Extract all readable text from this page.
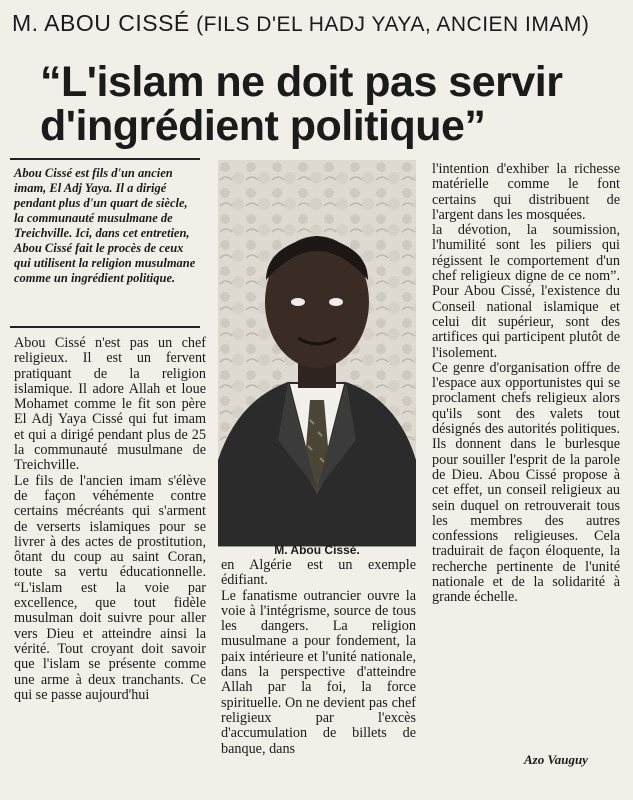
M. ABOU CISSÉ (FILS D'EL HADJ YAYA, ANCIEN IMAM)
“L'islam ne doit pas servir
d'ingrédient politique”
Abou Cissé est fils d'un ancien imam, El Adj Yaya. Il a dirigé pendant plus d'un quart de siècle, la communauté musulmane de Treichville. Ici, dans cet entretien, Abou Cissé fait le procès de ceux qui utilisent la religion musulmane comme un ingrédient politique.

Abou Cissé n'est pas un chef religieux. Il est un fervent pratiquant de la religion islamique. Il adore Allah et loue Mohamet comme le fit son père El Adj Yaya Cissé qui fut imam et qui a dirigé pendant plus de 25 la communauté musulmane de Treichville.

Le fils de l'ancien imam s'élève de façon véhémente contre certains mécréants qui s'arment de verserts islamiques pour se livrer à des actes de prostitution, ôtant du coup au saint Coran, toute sa vertu éducationnelle. “L'islam est la voie par excellence, que tout fidèle musulman doit suivre pour aller vers Dieu et atteindre ainsi la vérité. Tout croyant doit savoir que l'islam se présente comme une arme à deux tranchants. Ce qui se passe aujourd'hui

M. Abou Cissé.

en Algérie est un exemple édifiant.

Le fanatisme outrancier ouvre la voie à l'intégrisme, source de tous les dangers. La religion musulmane a pour fondement, la paix intérieure et l'unité nationale, dans la perspective d'atteindre Allah par la foi, la force spirituelle. On ne devient pas chef religieux par l'excès d'accumulation de billets de banque, dans

l'intention d'exhiber la richesse matérielle comme le font certains qui distribuent de l'argent dans les mosquées.

la dévotion, la soumission, l'humilité sont les piliers qui régissent le comportement d'un chef religieux digne de ce nom”. Pour Abou Cissé, l'existence du Conseil national islamique et celui dit supérieur, sont des artifices qui participent plutôt de l'isolement.

Ce genre d'organisation offre de l'espace aux opportunistes qui se proclament chefs religieux alors qu'ils sont des valets tout désignés des autorités politiques. Ils donnent dans le burlesque pour souiller l'esprit de la parole de Dieu. Abou Cissé propose à cet effet, un conseil religieux au sein duquel on retrouverait tous les membres des autres confessions religieuses. Cela traduirait de façon éloquente, la recherche pertinente de l'unité nationale et de la solidarité à grande échelle.

Azo Vauguy
